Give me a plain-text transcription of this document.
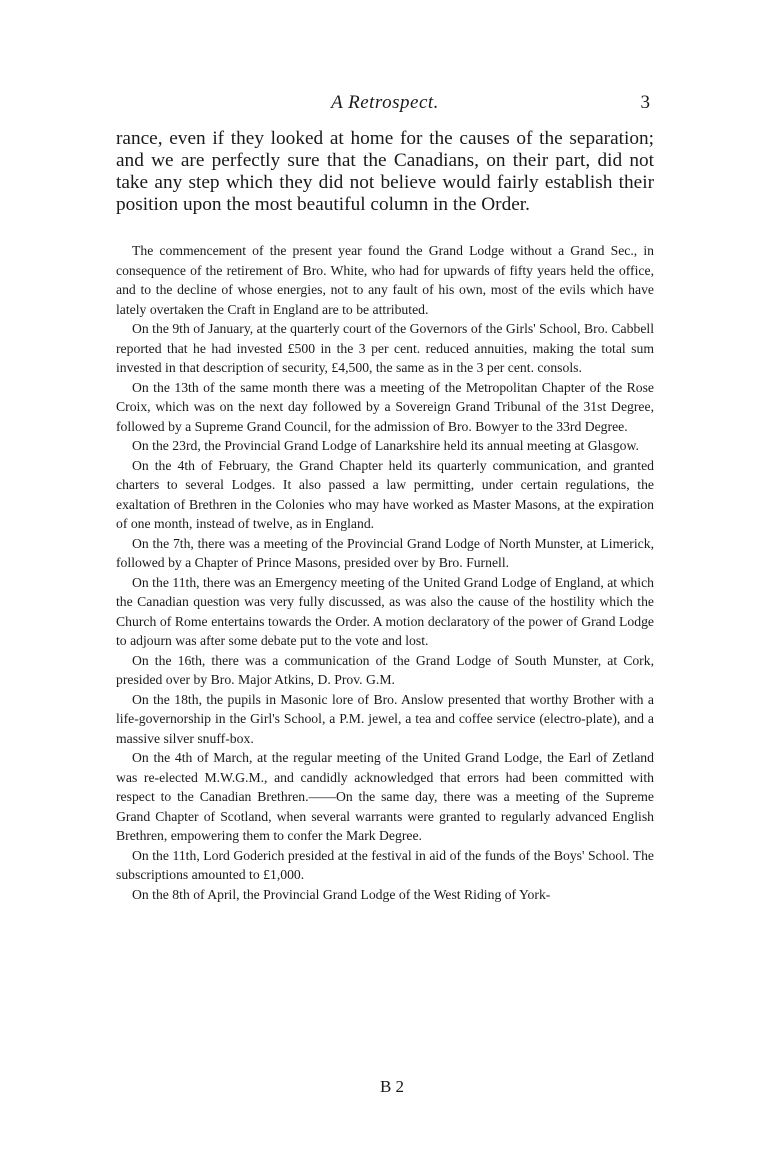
A Retrospect.	3

rance, even if they looked at home for the causes of the separation; and we are perfectly sure that the Canadians, on their part, did not take any step which they did not believe would fairly establish their position upon the most beautiful column in the Order.

The commencement of the present year found the Grand Lodge without a Grand Sec., in consequence of the retirement of Bro. White, who had for upwards of fifty years held the office, and to the decline of whose energies, not to any fault of his own, most of the evils which have lately overtaken the Craft in England are to be attributed.

On the 9th of January, at the quarterly court of the Governors of the Girls' School, Bro. Cabbell reported that he had invested £500 in the 3 per cent. reduced annuities, making the total sum invested in that description of security, £4,500, the same as in the 3 per cent. consols.

On the 13th of the same month there was a meeting of the Metropolitan Chapter of the Rose Croix, which was on the next day followed by a Sovereign Grand Tribunal of the 31st Degree, followed by a Supreme Grand Council, for the admission of Bro. Bowyer to the 33rd Degree.

On the 23rd, the Provincial Grand Lodge of Lanarkshire held its annual meeting at Glasgow.

On the 4th of February, the Grand Chapter held its quarterly communication, and granted charters to several Lodges. It also passed a law permitting, under certain regulations, the exaltation of Brethren in the Colonies who may have worked as Master Masons, at the expiration of one month, instead of twelve, as in England.

On the 7th, there was a meeting of the Provincial Grand Lodge of North Munster, at Limerick, followed by a Chapter of Prince Masons, presided over by Bro. Furnell.

On the 11th, there was an Emergency meeting of the United Grand Lodge of England, at which the Canadian question was very fully discussed, as was also the cause of the hostility which the Church of Rome entertains towards the Order. A motion declaratory of the power of Grand Lodge to adjourn was after some debate put to the vote and lost.

On the 16th, there was a communication of the Grand Lodge of South Munster, at Cork, presided over by Bro. Major Atkins, D. Prov. G.M.

On the 18th, the pupils in Masonic lore of Bro. Anslow presented that worthy Brother with a life-governorship in the Girl's School, a P.M. jewel, a tea and coffee service (electro-plate), and a massive silver snuff-box.

On the 4th of March, at the regular meeting of the United Grand Lodge, the Earl of Zetland was re-elected M.W.G.M., and candidly acknowledged that errors had been committed with respect to the Canadian Brethren.——On the same day, there was a meeting of the Supreme Grand Chapter of Scotland, when several warrants were granted to regularly advanced English Brethren, empowering them to confer the Mark Degree.

On the 11th, Lord Goderich presided at the festival in aid of the funds of the Boys' School. The subscriptions amounted to £1,000.

On the 8th of April, the Provincial Grand Lodge of the West Riding of York-

B 2
